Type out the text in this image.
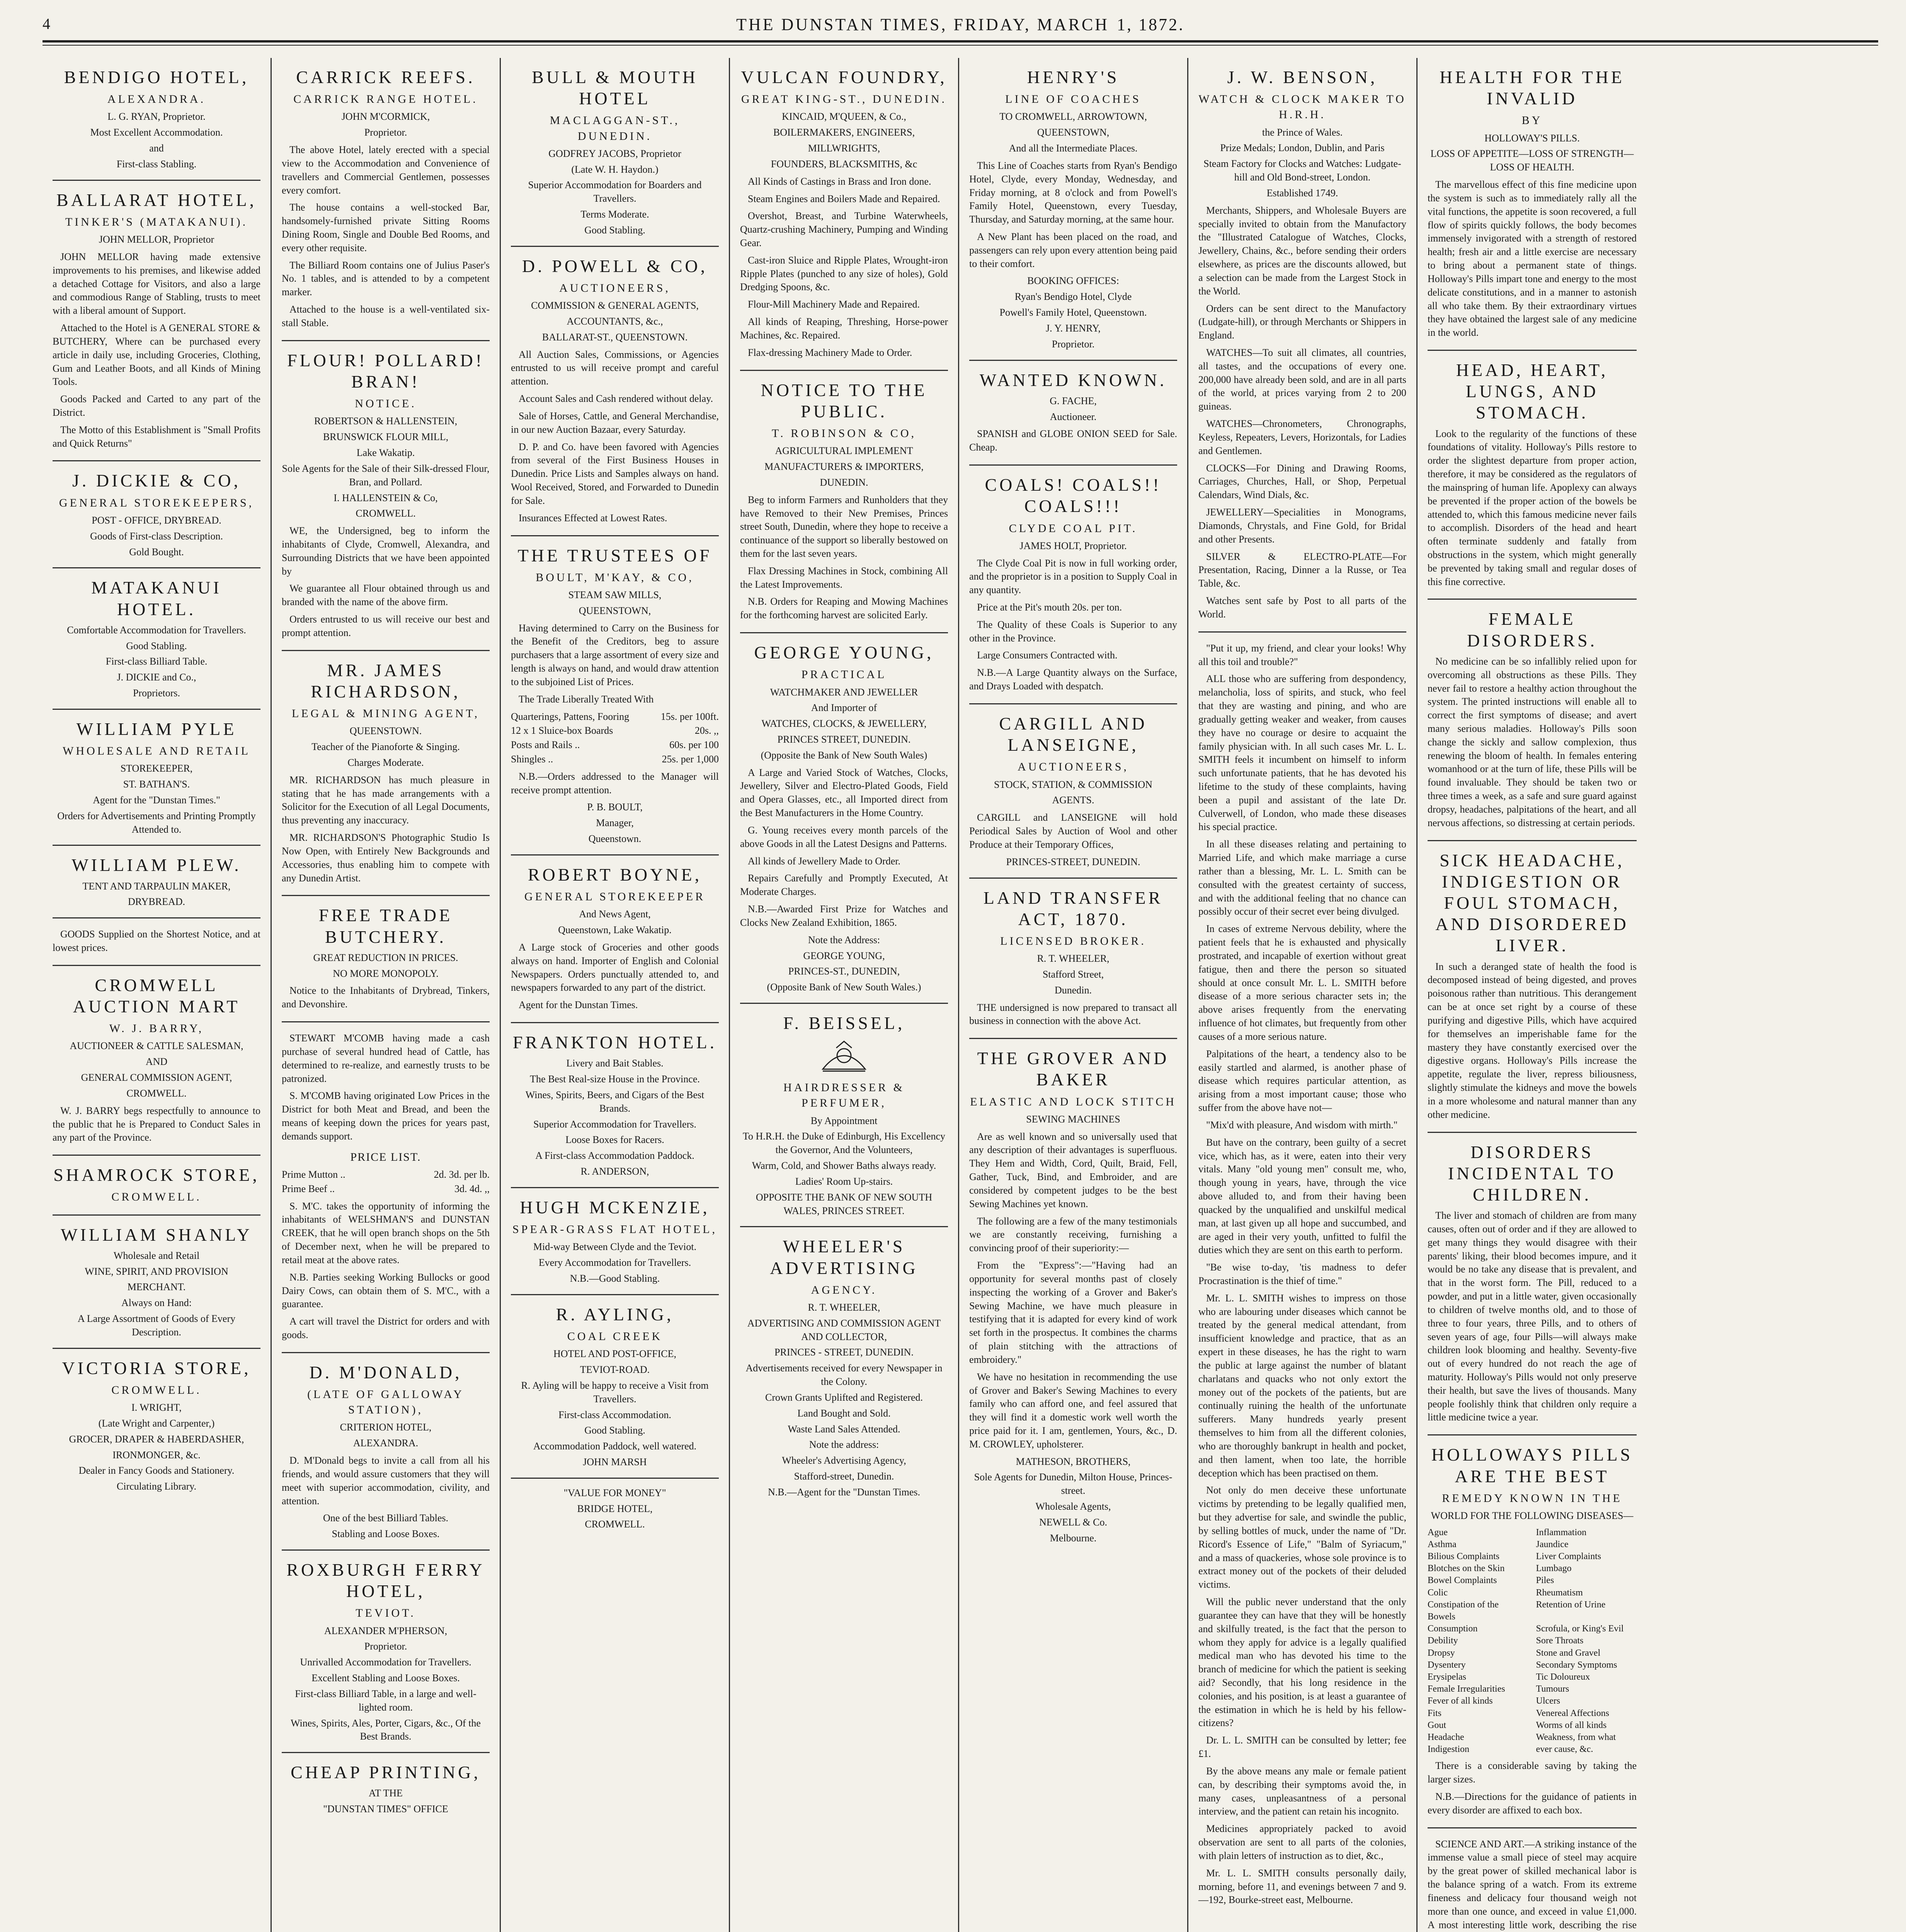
4	THE DUNSTAN TIMES, FRIDAY, MARCH 1, 1872.
BENDIGO HOTEL,
ALEXANDRA.
L. G. RYAN, Proprietor.
Most Excellent Accommodation.
and
First-class Stabling.
BALLARAT HOTEL,
TINKER'S (MATAKANUI).
JOHN MELLOR, Proprietor

JOHN MELLOR having made extensive improvements to his premises, and likewise added a detached Cottage for Visitors, and also a large and commodious Range of Stabling, trusts to meet with a liberal amount of Support.

Attached to the Hotel is A GENERAL STORE & BUTCHERY, Where can be purchased every article in daily use, including Groceries, Clothing, Gum and Leather Boots, and all Kinds of Mining Tools.

Goods Packed and Carted to any part of the District.

The Motto of this Establishment is "Small Profits and Quick Returns"

J. DICKIE & CO,
GENERAL STOREKEEPERS,
POST - OFFICE, DRYBREAD.
Goods of First-class Description.
Gold Bought.
MATAKANUI HOTEL.
Comfortable Accommodation for Travellers.
Good Stabling.
First-class Billiard Table.
J. DICKIE and Co.,
Proprietors.
WILLIAM PYLE
WHOLESALE AND RETAIL
STOREKEEPER,
ST. BATHAN'S.
Agent for the "Dunstan Times."
Orders for Advertisements and Printing Promptly Attended to.
WILLIAM PLEW.
TENT AND TARPAULIN MAKER,
DRYBREAD.

GOODS Supplied on the Shortest Notice, and at lowest prices.

CROMWELL AUCTION MART
W. J. BARRY,
AUCTIONEER & CATTLE SALESMAN,
AND
GENERAL COMMISSION AGENT,
CROMWELL.

W. J. BARRY begs respectfully to announce to the public that he is Prepared to Conduct Sales in any part of the Province.

SHAMROCK STORE,
CROMWELL.
WILLIAM SHANLY
Wholesale and Retail
WINE, SPIRIT, AND PROVISION
MERCHANT.
Always on Hand:
A Large Assortment of Goods of Every Description.
VICTORIA STORE,
CROMWELL.
I. WRIGHT,
(Late Wright and Carpenter,)
GROCER, DRAPER & HABERDASHER,
IRONMONGER, &c.
Dealer in Fancy Goods and Stationery.
Circulating Library.
CARRICK REEFS.
CARRICK RANGE HOTEL.
JOHN M'CORMICK,
Proprietor.

The above Hotel, lately erected with a special view to the Accommodation and Convenience of travellers and Commercial Gentlemen, possesses every comfort.

The house contains a well-stocked Bar, handsomely-furnished private Sitting Rooms Dining Room, Single and Double Bed Rooms, and every other requisite.

The Billiard Room contains one of Julius Paser's No. 1 tables, and is attended to by a competent marker.

Attached to the house is a well-ventilated six-stall Stable.

FLOUR! POLLARD! BRAN!
NOTICE.
ROBERTSON & HALLENSTEIN,
BRUNSWICK FLOUR MILL,
Lake Wakatip.
Sole Agents for the Sale of their Silk-dressed Flour, Bran, and Pollard.
I. HALLENSTEIN & Co,
CROMWELL.

WE, the Undersigned, beg to inform the inhabitants of Clyde, Cromwell, Alexandra, and Surrounding Districts that we have been appointed by

We guarantee all Flour obtained through us and branded with the name of the above firm.

Orders entrusted to us will receive our best and prompt attention.

MR. JAMES RICHARDSON,
LEGAL & MINING AGENT,
QUEENSTOWN.
Teacher of the Pianoforte & Singing.
Charges Moderate.

MR. RICHARDSON has much pleasure in stating that he has made arrangements with a Solicitor for the Execution of all Legal Documents, thus preventing any inaccuracy.

MR. RICHARDSON'S Photographic Studio Is Now Open, with Entirely New Backgrounds and Accessories, thus enabling him to compete with any Dunedin Artist.

FREE TRADE BUTCHERY.
GREAT REDUCTION IN PRICES.
NO MORE MONOPOLY.

Notice to the Inhabitants of Drybread, Tinkers, and Devonshire.

STEWART M'COMB having made a cash purchase of several hundred head of Cattle, has determined to re-realize, and earnestly trusts to be patronized.

S. M'COMB having originated Low Prices in the District for both Meat and Bread, and been the means of keeping down the prices for years past, demands support.

PRICE LIST.
Prime Mutton ..	2d. 3d. per lb.
Prime Beef ..	3d. 4d. ,,

S. M'C. takes the opportunity of informing the inhabitants of WELSHMAN'S and DUNSTAN CREEK, that he will open branch shops on the 5th of December next, when he will be prepared to retail meat at the above rates.

N.B. Parties seeking Working Bullocks or good Dairy Cows, can obtain them of S. M'C., with a guarantee.

A cart will travel the District for orders and with goods.

D. M'DONALD,
(LATE OF GALLOWAY STATION),
CRITERION HOTEL,
ALEXANDRA.

D. M'Donald begs to invite a call from all his friends, and would assure customers that they will meet with superior accommodation, civility, and attention.

One of the best Billiard Tables.
Stabling and Loose Boxes.
ROXBURGH FERRY HOTEL,
TEVIOT.
ALEXANDER M'PHERSON,
Proprietor.
Unrivalled Accommodation for Travellers.
Excellent Stabling and Loose Boxes.
First-class Billiard Table, in a large and well-lighted room.
Wines, Spirits, Ales, Porter, Cigars, &c., Of the Best Brands.
CHEAP PRINTING,
AT THE
"DUNSTAN TIMES" OFFICE
BULL & MOUTH HOTEL
MACLAGGAN-ST., DUNEDIN.
GODFREY JACOBS, Proprietor
(Late W. H. Haydon.)
Superior Accommodation for Boarders and Travellers.
Terms Moderate.
Good Stabling.
D. POWELL & CO,
AUCTIONEERS,
COMMISSION & GENERAL AGENTS,
ACCOUNTANTS, &c.,
BALLARAT-ST., QUEENSTOWN.

All Auction Sales, Commissions, or Agencies entrusted to us will receive prompt and careful attention.

Account Sales and Cash rendered without delay.

Sale of Horses, Cattle, and General Merchandise, in our new Auction Bazaar, every Saturday.

D. P. and Co. have been favored with Agencies from several of the First Business Houses in Dunedin. Price Lists and Samples always on hand. Wool Received, Stored, and Forwarded to Dunedin for Sale.

Insurances Effected at Lowest Rates.

THE TRUSTEES OF
BOULT, M'KAY, & CO,
STEAM SAW MILLS,
QUEENSTOWN,

Having determined to Carry on the Business for the Benefit of the Creditors, beg to assure purchasers that a large assortment of every size and length is always on hand, and would draw attention to the subjoined List of Prices.

The Trade Liberally Treated With

Quarterings, Pattens, Fooring	15s. per 100ft.
12 x 1 Sluice-box Boards	20s. ,,
Posts and Rails ..	60s. per 100
Shingles ..	25s. per 1,000

N.B.—Orders addressed to the Manager will receive prompt attention.

P. B. BOULT,
Manager,
Queenstown.
ROBERT BOYNE,
GENERAL STOREKEEPER
And News Agent,
Queenstown, Lake Wakatip.

A Large stock of Groceries and other goods always on hand. Importer of English and Colonial Newspapers. Orders punctually attended to, and newspapers forwarded to any part of the district.

Agent for the Dunstan Times.

FRANKTON HOTEL.
Livery and Bait Stables.
The Best Real-size House in the Province.
Wines, Spirits, Beers, and Cigars of the Best Brands.
Superior Accommodation for Travellers.
Loose Boxes for Racers.
A First-class Accommodation Paddock.
R. ANDERSON,
HUGH MCKENZIE,
SPEAR-GRASS FLAT HOTEL,
Mid-way Between Clyde and the Teviot.
Every Accommodation for Travellers.
N.B.—Good Stabling.
R. AYLING,
COAL CREEK
HOTEL AND POST-OFFICE,
TEVIOT-ROAD.
R. Ayling will be happy to receive a Visit from Travellers.
First-class Accommodation.
Good Stabling.
Accommodation Paddock, well watered.
JOHN MARSH
"VALUE FOR MONEY"
BRIDGE HOTEL,
CROMWELL.
VULCAN FOUNDRY,
GREAT KING-ST., DUNEDIN.
KINCAID, M'QUEEN, & Co.,
BOILERMAKERS, ENGINEERS,
MILLWRIGHTS,
FOUNDERS, BLACKSMITHS, &c

All Kinds of Castings in Brass and Iron done.

Steam Engines and Boilers Made and Repaired.

Overshot, Breast, and Turbine Waterwheels, Quartz-crushing Machinery, Pumping and Winding Gear.

Cast-iron Sluice and Ripple Plates, Wrought-iron Ripple Plates (punched to any size of holes), Gold Dredging Spoons, &c.

Flour-Mill Machinery Made and Repaired.

All kinds of Reaping, Threshing, Horse-power Machines, &c. Repaired.

Flax-dressing Machinery Made to Order.

NOTICE TO THE PUBLIC.
T. ROBINSON & CO,
AGRICULTURAL IMPLEMENT
MANUFACTURERS & IMPORTERS,
DUNEDIN.

Beg to inform Farmers and Runholders that they have Removed to their New Premises, Princes street South, Dunedin, where they hope to receive a continuance of the support so liberally bestowed on them for the last seven years.

Flax Dressing Machines in Stock, combining All the Latest Improvements.

N.B. Orders for Reaping and Mowing Machines for the forthcoming harvest are solicited Early.

GEORGE YOUNG,
PRACTICAL
WATCHMAKER AND JEWELLER
And Importer of
WATCHES, CLOCKS, & JEWELLERY,
PRINCES STREET, DUNEDIN.
(Opposite the Bank of New South Wales)

A Large and Varied Stock of Watches, Clocks, Jewellery, Silver and Electro-Plated Goods, Field and Opera Glasses, etc., all Imported direct from the Best Manufacturers in the Home Country.

G. Young receives every month parcels of the above Goods in all the Latest Designs and Patterns.

All kinds of Jewellery Made to Order.

Repairs Carefully and Promptly Executed, At Moderate Charges.

N.B.—Awarded First Prize for Watches and Clocks New Zealand Exhibition, 1865.

Note the Address:
GEORGE YOUNG,
PRINCES-ST., DUNEDIN,
(Opposite Bank of New South Wales.)
F. BEISSEL,
HAIRDRESSER & PERFUMER,
By Appointment
To H.R.H. the Duke of Edinburgh, His Excellency the Governor, And the Volunteers,
Warm, Cold, and Shower Baths always ready.
Ladies' Room Up-stairs.
OPPOSITE THE BANK OF NEW SOUTH WALES, PRINCES STREET.
WHEELER'S ADVERTISING
AGENCY.
R. T. WHEELER,
ADVERTISING AND COMMISSION AGENT AND COLLECTOR,
PRINCES - STREET, DUNEDIN.
Advertisements received for every Newspaper in the Colony.
Crown Grants Uplifted and Registered.
Land Bought and Sold.
Waste Land Sales Attended.
Note the address:
Wheeler's Advertising Agency,
Stafford-street, Dunedin.
N.B.—Agent for the "Dunstan Times.
HENRY'S
LINE OF COACHES
TO CROMWELL, ARROWTOWN,
QUEENSTOWN,
And all the Intermediate Places.

This Line of Coaches starts from Ryan's Bendigo Hotel, Clyde, every Monday, Wednesday, and Friday morning, at 8 o'clock and from Powell's Family Hotel, Queenstown, every Tuesday, Thursday, and Saturday morning, at the same hour.

A New Plant has been placed on the road, and passengers can rely upon every attention being paid to their comfort.

BOOKING OFFICES:
Ryan's Bendigo Hotel, Clyde
Powell's Family Hotel, Queenstown.
J. Y. HENRY,
Proprietor.
WANTED KNOWN.
G. FACHE,
Auctioneer.

SPANISH and GLOBE ONION SEED for Sale. Cheap.

COALS! COALS!! COALS!!!
CLYDE COAL PIT.
JAMES HOLT, Proprietor.

The Clyde Coal Pit is now in full working order, and the proprietor is in a position to Supply Coal in any quantity.

Price at the Pit's mouth 20s. per ton.

The Quality of these Coals is Superior to any other in the Province.

Large Consumers Contracted with.

N.B.—A Large Quantity always on the Surface, and Drays Loaded with despatch.

CARGILL AND LANSEIGNE,
AUCTIONEERS,
STOCK, STATION, & COMMISSION
AGENTS.

CARGILL and LANSEIGNE will hold Periodical Sales by Auction of Wool and other Produce at their Temporary Offices,

PRINCES-STREET, DUNEDIN.
LAND TRANSFER ACT, 1870.
LICENSED BROKER.
R. T. WHEELER,
Stafford Street,
Dunedin.

THE undersigned is now prepared to transact all business in connection with the above Act.

THE GROVER AND BAKER
ELASTIC AND LOCK STITCH
SEWING MACHINES

Are as well known and so universally used that any description of their advantages is superfluous. They Hem and Width, Cord, Quilt, Braid, Fell, Gather, Tuck, Bind, and Embroider, and are considered by competent judges to be the best Sewing Machines yet known.

The following are a few of the many testimonials we are constantly receiving, furnishing a convincing proof of their superiority:—

From the "Express":—"Having had an opportunity for several months past of closely inspecting the working of a Grover and Baker's Sewing Machine, we have much pleasure in testifying that it is adapted for every kind of work set forth in the prospectus. It combines the charms of plain stitching with the attractions of embroidery."

We have no hesitation in recommending the use of Grover and Baker's Sewing Machines to every family who can afford one, and feel assured that they will find it a domestic work well worth the price paid for it. I am, gentlemen, Yours, &c., D. M. CROWLEY, upholsterer.

MATHESON, BROTHERS,
Sole Agents for Dunedin, Milton House, Princes-street.
Wholesale Agents,
NEWELL & Co.
Melbourne.
J. W. BENSON,
WATCH & CLOCK MAKER TO H.R.H.
the Prince of Wales.
Prize Medals; London, Dublin, and Paris
Steam Factory for Clocks and Watches: Ludgate-hill and Old Bond-street, London.
Established 1749.

Merchants, Shippers, and Wholesale Buyers are specially invited to obtain from the Manufactory the "Illustrated Catalogue of Watches, Clocks, Jewellery, Chains, &c., before sending their orders elsewhere, as prices are the discounts allowed, but a selection can be made from the Largest Stock in the World.

Orders can be sent direct to the Manufactory (Ludgate-hill), or through Merchants or Shippers in England.

WATCHES—To suit all climates, all countries, all tastes, and the occupations of every one. 200,000 have already been sold, and are in all parts of the world, at prices varying from 2 to 200 guineas.

WATCHES—Chronometers, Chronographs, Keyless, Repeaters, Levers, Horizontals, for Ladies and Gentlemen.

CLOCKS—For Dining and Drawing Rooms, Carriages, Churches, Hall, or Shop, Perpetual Calendars, Wind Dials, &c.

JEWELLERY—Specialities in Monograms, Diamonds, Chrystals, and Fine Gold, for Bridal and other Presents.

SILVER & ELECTRO-PLATE—For Presentation, Racing, Dinner a la Russe, or Tea Table, &c.

Watches sent safe by Post to all parts of the World.

"Put it up, my friend, and clear your looks! Why all this toil and trouble?"

ALL those who are suffering from despondency, melancholia, loss of spirits, and stuck, who feel that they are wasting and pining, and who are gradually getting weaker and weaker, from causes they have no courage or desire to acquaint the family physician with. In all such cases Mr. L. L. SMITH feels it incumbent on himself to inform such unfortunate patients, that he has devoted his lifetime to the study of these complaints, having been a pupil and assistant of the late Dr. Culverwell, of London, who made these diseases his special practice.

In all these diseases relating and pertaining to Married Life, and which make marriage a curse rather than a blessing, Mr. L. L. Smith can be consulted with the greatest certainty of success, and with the additional feeling that no chance can possibly occur of their secret ever being divulged.

In cases of extreme Nervous debility, where the patient feels that he is exhausted and physically prostrated, and incapable of exertion without great fatigue, then and there the person so situated should at once consult Mr. L. L. SMITH before disease of a more serious character sets in; the above arises frequently from the enervating influence of hot climates, but frequently from other causes of a more serious nature.

Palpitations of the heart, a tendency also to be easily startled and alarmed, is another phase of disease which requires particular attention, as arising from a most important cause; those who suffer from the above have not—

"Mix'd with pleasure, And wisdom with mirth."

But have on the contrary, been guilty of a secret vice, which has, as it were, eaten into their very vitals. Many "old young men" consult me, who, though young in years, have, through the vice above alluded to, and from their having been quacked by the unqualified and unskilful medical man, at last given up all hope and succumbed, and are aged in their very youth, unfitted to fulfil the duties which they are sent on this earth to perform.

"Be wise to-day, 'tis madness to defer Procrastination is the thief of time."

Mr. L. L. SMITH wishes to impress on those who are labouring under diseases which cannot be treated by the general medical attendant, from insufficient knowledge and practice, that as an expert in these diseases, he has the right to warn the public at large against the number of blatant charlatans and quacks who not only extort the money out of the pockets of the patients, but are continually ruining the health of the unfortunate sufferers. Many hundreds yearly present themselves to him from all the different colonies, who are thoroughly bankrupt in health and pocket, and then lament, when too late, the horrible deception which has been practised on them.

Not only do men deceive these unfortunate victims by pretending to be legally qualified men, but they advertise for sale, and swindle the public, by selling bottles of muck, under the name of "Dr. Ricord's Essence of Life," "Balm of Syriacum," and a mass of quackeries, whose sole province is to extract money out of the pockets of their deluded victims.

Will the public never understand that the only guarantee they can have that they will be honestly and skilfully treated, is the fact that the person to whom they apply for advice is a legally qualified medical man who has devoted his time to the branch of medicine for which the patient is seeking aid? Secondly, that his long residence in the colonies, and his position, is at least a guarantee of the estimation in which he is held by his fellow-citizens?

Dr. L. L. SMITH can be consulted by letter; fee £1.

By the above means any male or female patient can, by describing their symptoms avoid the, in many cases, unpleasantness of a personal interview, and the patient can retain his incognito.

Medicines appropriately packed to avoid observation are sent to all parts of the colonies, with plain letters of instruction as to diet, &c.,

Mr. L. L. SMITH consults personally daily, morning, before 11, and evenings between 7 and 9.—192, Bourke-street east, Melbourne.

HEALTH FOR THE INVALID
BY
HOLLOWAY'S PILLS.
LOSS OF APPETITE—LOSS OF STRENGTH—LOSS OF HEALTH.

The marvellous effect of this fine medicine upon the system is such as to immediately rally all the vital functions, the appetite is soon recovered, a full flow of spirits quickly follows, the body becomes immensely invigorated with a strength of restored health; fresh air and a little exercise are necessary to bring about a permanent state of things. Holloway's Pills impart tone and energy to the most delicate constitutions, and in a manner to astonish all who take them. By their extraordinary virtues they have obtained the largest sale of any medicine in the world.

HEAD, HEART, LUNGS, AND STOMACH.

Look to the regularity of the functions of these foundations of vitality. Holloway's Pills restore to order the slightest departure from proper action, therefore, it may be considered as the regulators of the mainspring of human life. Apoplexy can always be prevented if the proper action of the bowels be attended to, which this famous medicine never fails to accomplish. Disorders of the head and heart often terminate suddenly and fatally from obstructions in the system, which might generally be prevented by taking small and regular doses of this fine corrective.

FEMALE DISORDERS.

No medicine can be so infallibly relied upon for overcoming all obstructions as these Pills. They never fail to restore a healthy action throughout the system. The printed instructions will enable all to correct the first symptoms of disease; and avert many serious maladies. Holloway's Pills soon change the sickly and sallow complexion, thus renewing the bloom of health. In females entering womanhood or at the turn of life, these Pills will be found invaluable. They should be taken two or three times a week, as a safe and sure guard against dropsy, headaches, palpitations of the heart, and all nervous affections, so distressing at certain periods.

SICK HEADACHE, INDIGESTION OR FOUL STOMACH, AND DISORDERED LIVER.

In such a deranged state of health the food is decomposed instead of being digested, and proves poisonous rather than nutritious. This derangement can be at once set right by a course of these purifying and digestive Pills, which have acquired for themselves an imperishable fame for the mastery they have constantly exercised over the digestive organs. Holloway's Pills increase the appetite, regulate the liver, repress biliousness, slightly stimulate the kidneys and move the bowels in a more wholesome and natural manner than any other medicine.

DISORDERS INCIDENTAL TO CHILDREN.

The liver and stomach of children are from many causes, often out of order and if they are allowed to get many things they would disagree with their parents' liking, their blood becomes impure, and it would be no take any disease that is prevalent, and that in the worst form. The Pill, reduced to a powder, and put in a little water, given occasionally to children of twelve months old, and to those of three to four years, three Pills, and to others of seven years of age, four Pills—will always make children look blooming and healthy. Seventy-five out of every hundred do not reach the age of maturity. Holloway's Pills would not only preserve their health, but save the lives of thousands. Many people foolishly think that children only require a little medicine twice a year.

HOLLOWAYS PILLS ARE THE BEST
REMEDY KNOWN IN THE
WORLD FOR THE FOLLOWING DISEASES—
Ague	Inflammation
Asthma	Jaundice
Bilious Complaints	Liver Complaints
Blotches on the Skin	Lumbago
Bowel Complaints	Piles
Colic	Rheumatism
Constipation of the Bowels
Retention of Urine
Consumption	Scrofula, or King's Evil
Debility	Sore Throats
Dropsy	Stone and Gravel
Dysentery	Secondary Symptoms
Erysipelas	Tic Doloureux
Female Irregularities	Tumours
Fever of all kinds	Ulcers
Fits	Venereal Affections
Gout	Worms of all kinds
Headache	Weakness, from what
Indigestion	ever cause, &c.

There is a considerable saving by taking the larger sizes.

N.B.—Directions for the guidance of patients in every disorder are affixed to each box.

SCIENCE AND ART.—A striking instance of the immense value a small piece of steel may acquire by the great power of skilled mechanical labor is the balance spring of a watch. From its extreme fineness and delicacy four thousand weigh not more than one ounce, and exceed in value £1,000. A most interesting little work, describing the rise
